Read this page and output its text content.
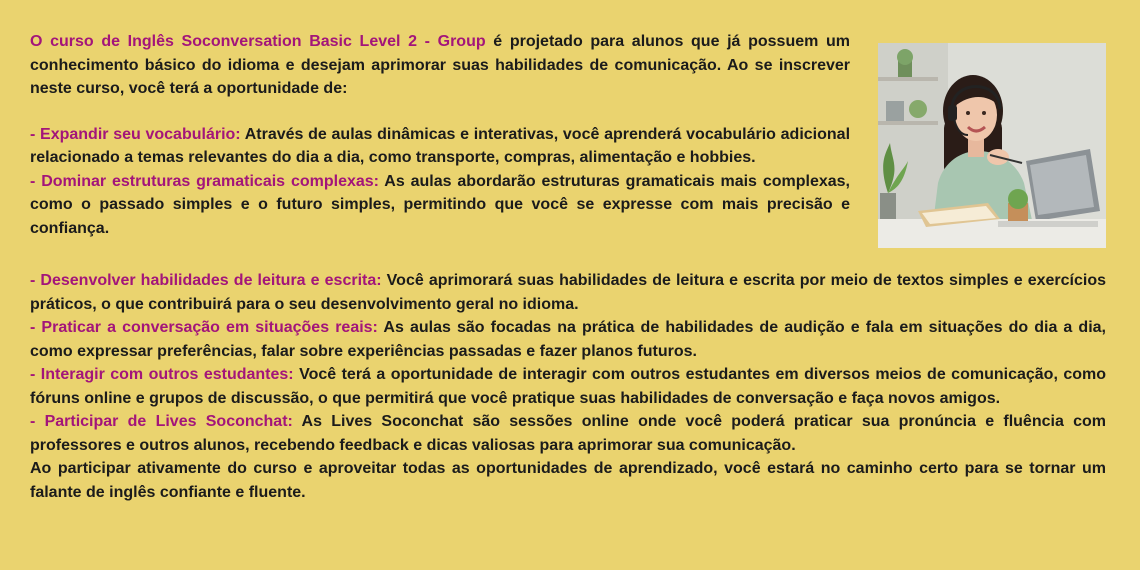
O curso de Inglês Soconversation Basic Level 2 - Group é projetado para alunos que já possuem um conhecimento básico do idioma e desejam aprimorar suas habilidades de comunicação. Ao se inscrever neste curso, você terá a oportunidade de:

- Expandir seu vocabulário: Através de aulas dinâmicas e interativas, você aprenderá vocabulário adicional relacionado a temas relevantes do dia a dia, como transporte, compras, alimentação e hobbies.

- Dominar estruturas gramaticais complexas: As aulas abordarão estruturas gramaticais mais complexas, como o passado simples e o futuro simples, permitindo que você se expresse com mais precisão e confiança.

- Desenvolver habilidades de leitura e escrita: Você aprimorará suas habilidades de leitura e escrita por meio de textos simples e exercícios práticos, o que contribuirá para o seu desenvolvimento geral no idioma.

- Praticar a conversação em situações reais: As aulas são focadas na prática de habilidades de audição e fala em situações do dia a dia, como expressar preferências, falar sobre experiências passadas e fazer planos futuros.

- Interagir com outros estudantes: Você terá a oportunidade de interagir com outros estudantes em diversos meios de comunicação, como fóruns online e grupos de discussão, o que permitirá que você pratique suas habilidades de conversação e faça novos amigos.

- Participar de Lives Soconchat: As Lives Soconchat são sessões online onde você poderá praticar sua pronúncia e fluência com professores e outros alunos, recebendo feedback e dicas valiosas para aprimorar sua comunicação.

Ao participar ativamente do curso e aproveitar todas as oportunidades de aprendizado, você estará no caminho certo para se tornar um falante de inglês confiante e fluente.
